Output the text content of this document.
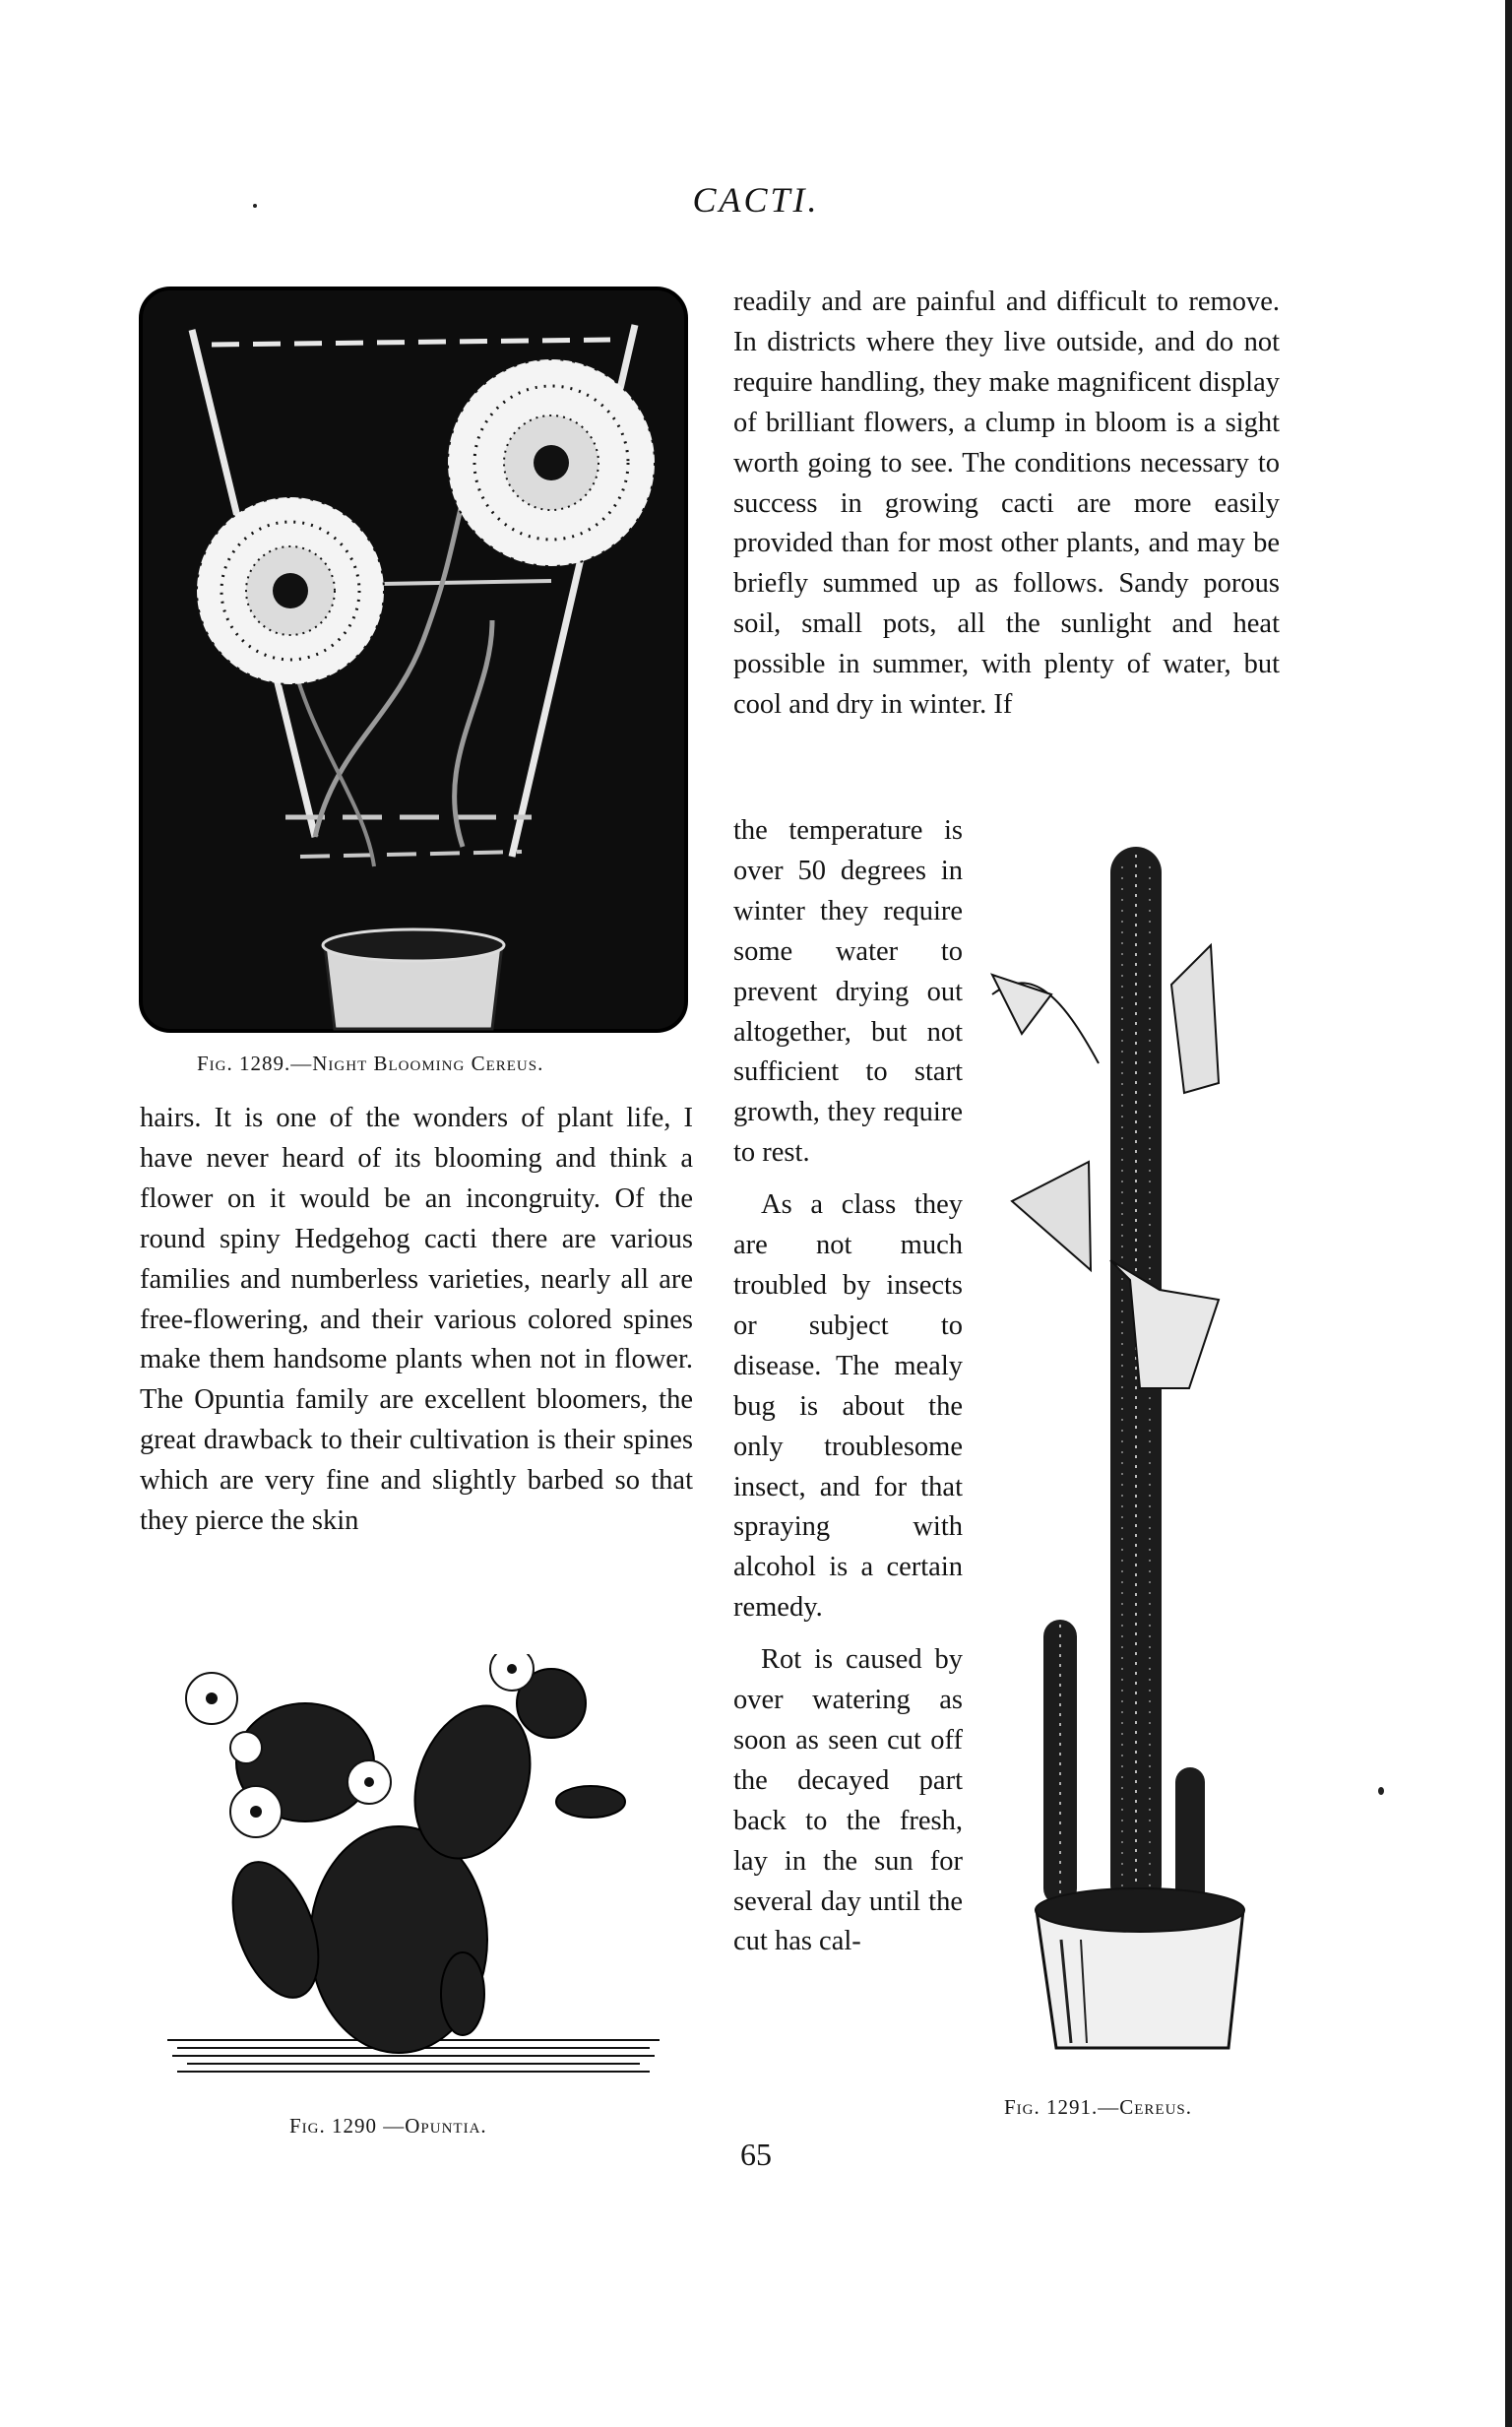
CACTI.
Fig. 1289.—Night Blooming Cereus.

readily and are painful and difficult to remove. In districts where they live outside, and do not require handling, they make magnificent display of brilliant flowers, a clump in bloom is a sight worth going to see. The conditions necessary to success in growing cacti are more easily provided than for most other plants, and may be briefly summed up as follows. Sandy porous soil, small pots, all the sunlight and heat possible in summer, with plenty of water, but cool and dry in winter. If

the temperature is over 50 degrees in winter they require some water to prevent drying out altogether, but not sufficient to start growth, they require to rest.

As a class they are not much troubled by insects or subject to disease. The mealy bug is about the only troublesome insect, and for that spraying with alcohol is a certain remedy.

Rot is caused by over watering as soon as seen cut off the decayed part back to the fresh, lay in the sun for several day until the cut has cal-

hairs. It is one of the wonders of plant life, I have never heard of its blooming and think a flower on it would be an incongruity. Of the round spiny Hedgehog cacti there are various families and numberless varieties, nearly all are free-flowering, and their various colored spines make them handsome plants when not in flower. The Opuntia family are excellent bloomers, the great drawback to their cultivation is their spines which are very fine and slightly barbed so that they pierce the skin

Fig. 1290 —Opuntia.
Fig. 1291.—Cereus.
65
